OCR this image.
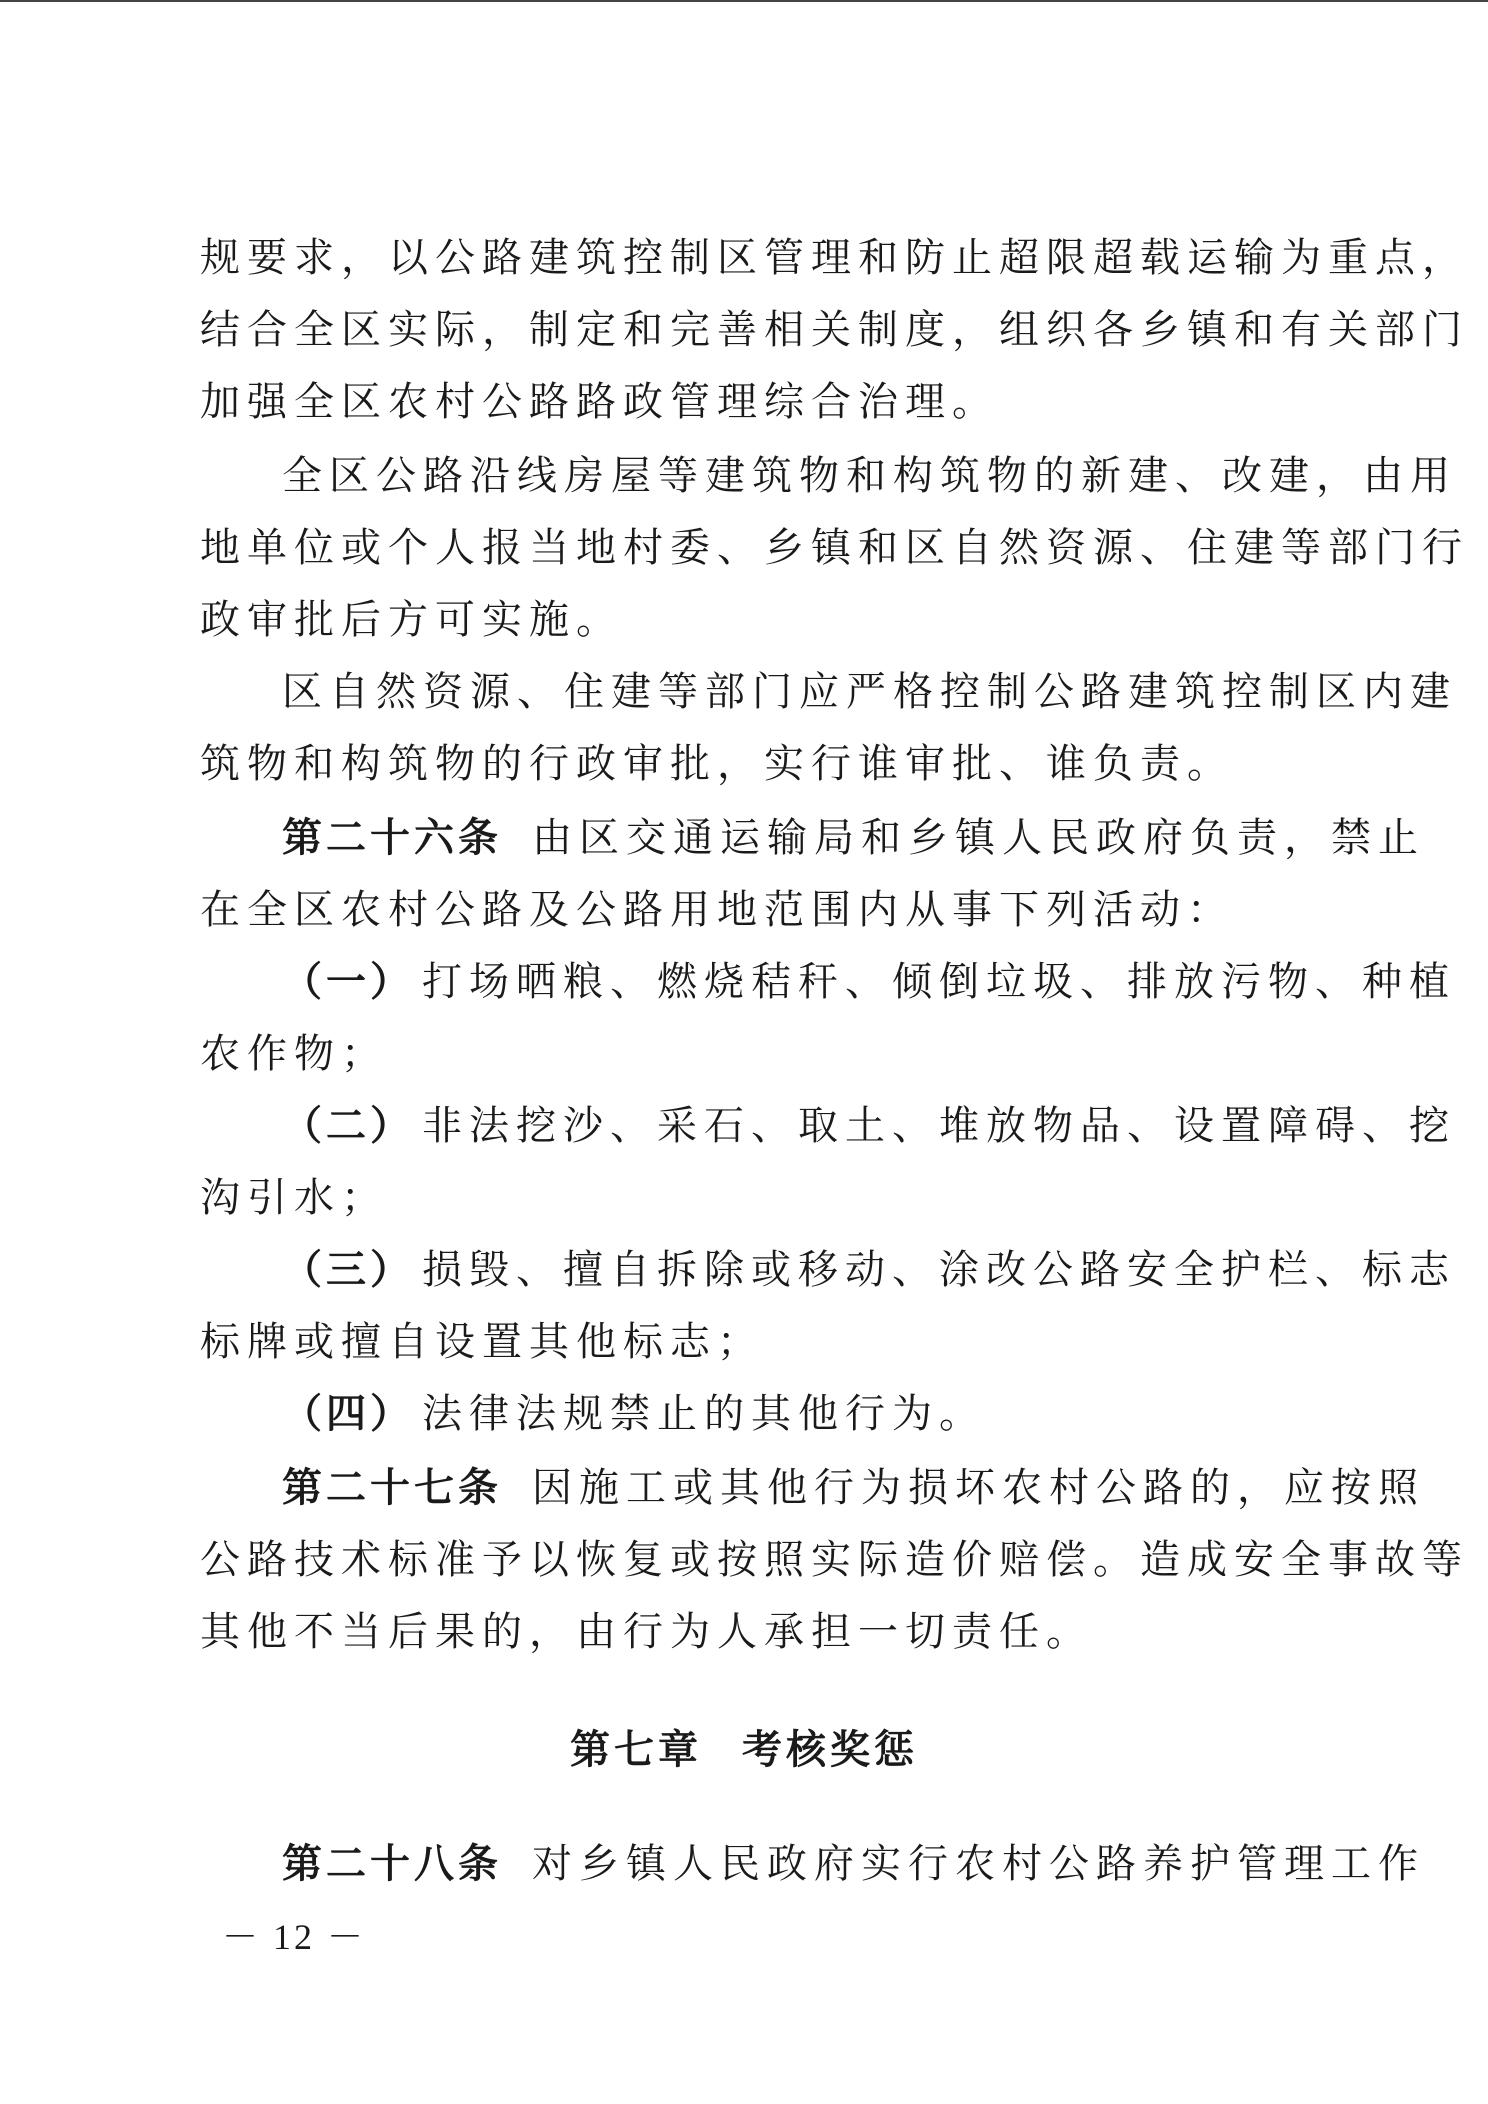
规要求，以公路建筑控制区管理和防止超限超载运输为重点，
结合全区实际，制定和完善相关制度，组织各乡镇和有关部门
加强全区农村公路路政管理综合治理。
全区公路沿线房屋等建筑物和构筑物的新建、改建，由用
地单位或个人报当地村委、乡镇和区自然资源、住建等部门行
政审批后方可实施。
区自然资源、住建等部门应严格控制公路建筑控制区内建
筑物和构筑物的行政审批，实行谁审批、谁负责。
第二十六条 由区交通运输局和乡镇人民政府负责，禁止
在全区农村公路及公路用地范围内从事下列活动：
（一） 打场晒粮、燃烧秸秆、倾倒垃圾、排放污物、种植
农作物；
（二） 非法挖沙、采石、取土、堆放物品、设置障碍、挖
沟引水；
（三） 损毁、擅自拆除或移动、涂改公路安全护栏、标志
标牌或擅自设置其他标志；
（四） 法律法规禁止的其他行为。
第二十七条 因施工或其他行为损坏农村公路的，应按照
公路技术标准予以恢复或按照实际造价赔偿。造成安全事故等
其他不当后果的，由行为人承担一切责任。
第七章 考核奖惩
第二十八条 对乡镇人民政府实行农村公路养护管理工作
－ 12 －
